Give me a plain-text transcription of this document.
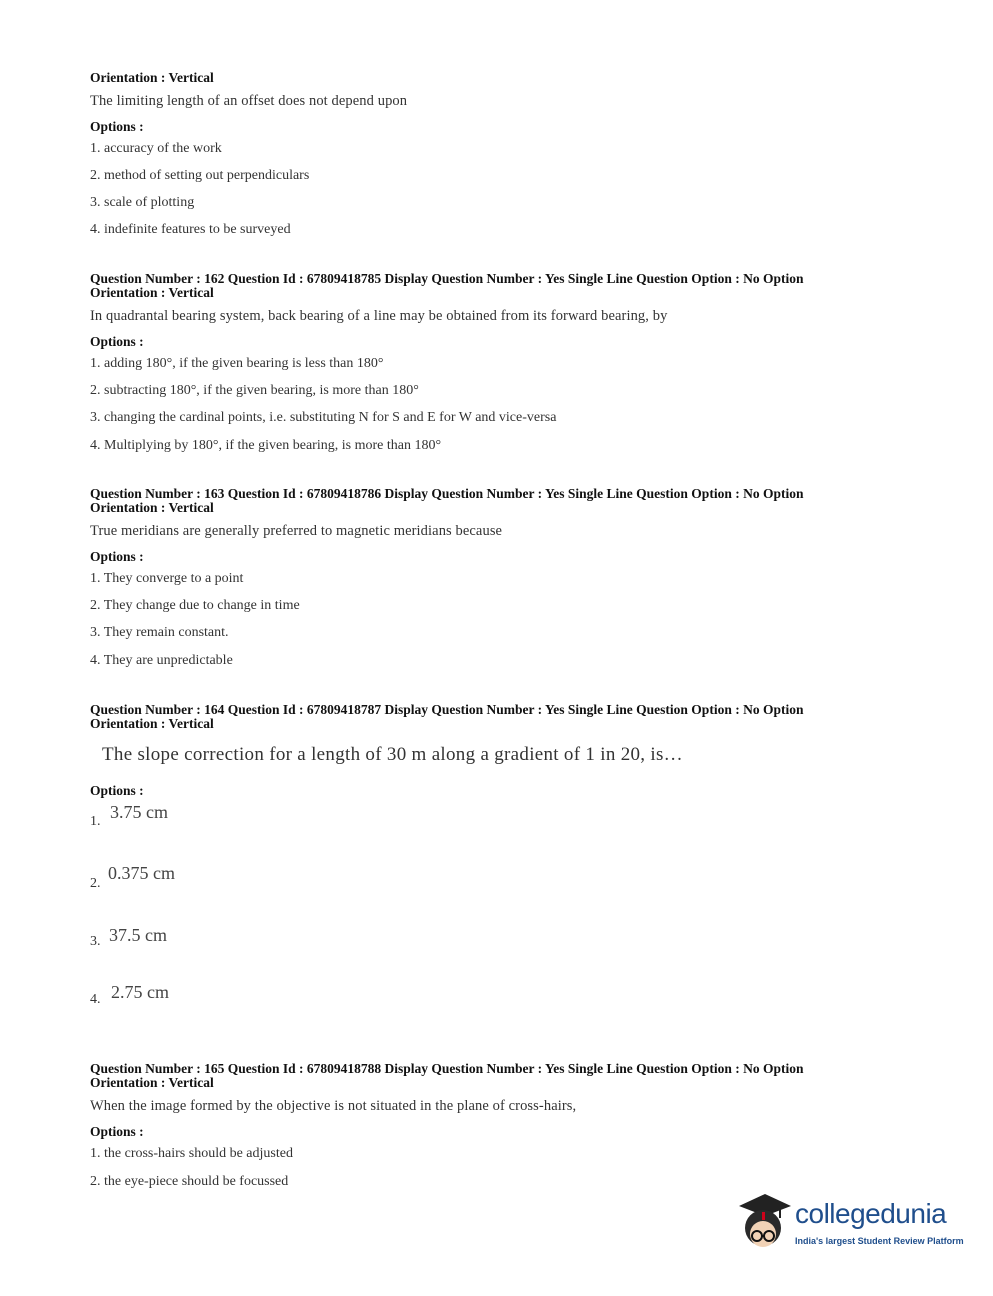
Orientation : Vertical
The limiting length of an offset does not depend upon
Options :
1. accuracy of the work
2. method of setting out perpendiculars
3. scale of plotting
4. indefinite features to be surveyed
Question Number : 162 Question Id : 67809418785 Display Question Number : Yes Single Line Question Option : No Option
Orientation : Vertical
In quadrantal bearing system, back bearing of a line may be obtained from its forward bearing, by
Options :
1. adding 180°, if the given bearing is less than 180°
2. subtracting 180°, if the given bearing, is more than 180°
3. changing the cardinal points, i.e. substituting N for S and E for W and vice-versa
4. Multiplying by 180°, if the given bearing, is more than 180°
Question Number : 163 Question Id : 67809418786 Display Question Number : Yes Single Line Question Option : No Option
Orientation : Vertical
True meridians are generally preferred to magnetic meridians because
Options :
1. They converge to a point
2. They change due to change in time
3. They remain constant.
4. They are unpredictable
Question Number : 164 Question Id : 67809418787 Display Question Number : Yes Single Line Question Option : No Option
Orientation : Vertical
The slope correction for a length of 30 m along a gradient of 1 in 20, is…
Options :
1. 3.75 cm
2.
0.375 cm
3. 37.5 cm
4. 2.75 cm
Question Number : 165 Question Id : 67809418788 Display Question Number : Yes Single Line Question Option : No Option
Orientation : Vertical
When the image formed by the objective is not situated in the plane of cross-hairs,
Options :
1. the cross-hairs should be adjusted
2. the eye-piece should be focussed
collegedunia
India's largest Student Review Platform
